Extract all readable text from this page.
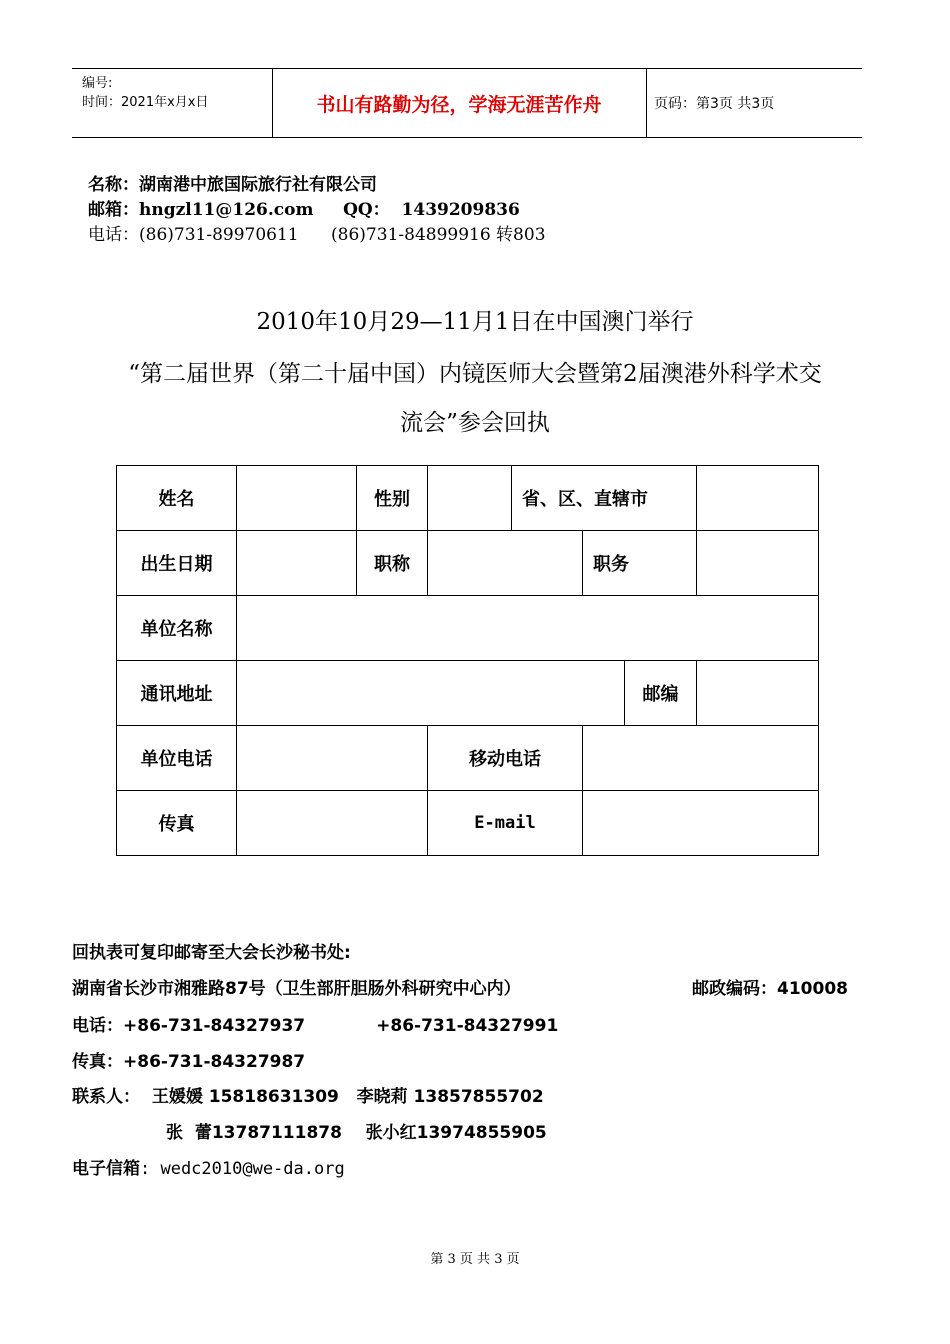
编号:
时间：2021年x月x日	书山有路勤为径，学海无涯苦作舟	页码：第3页 共3页
名称：湖南港中旅国际旅行社有限公司
邮箱：hngzl11@126.com QQ： 1439209836
电话：(86)731-89970611      (86)731-84899916 转803
2010年10月29—11月1日在中国澳门举行
“第二届世界（第二十届中国）内镜医师大会暨第2届澳港外科学术交
流会”参会回执
姓名		性别		省、区、直辖市			
出生日期		职称			职务		
单位名称							
通讯地址						邮编	
单位电话			移动电话				
传真			E-mail				
回执表可复印邮寄至大会长沙秘书处:
湖南省长沙市湘雅路87号（卫生部肝胆肠外科研究中心内）	邮政编码：410008
电话：+86-731-84327937            +86-731-84327991
传真：+86-731-84327987
联系人：  王媛媛 15818631309   李晓莉 13857855702
张  蕾13787111878    张小红13974855905
电子信箱: wedc2010@we-da.org
第 3 页 共 3 页
